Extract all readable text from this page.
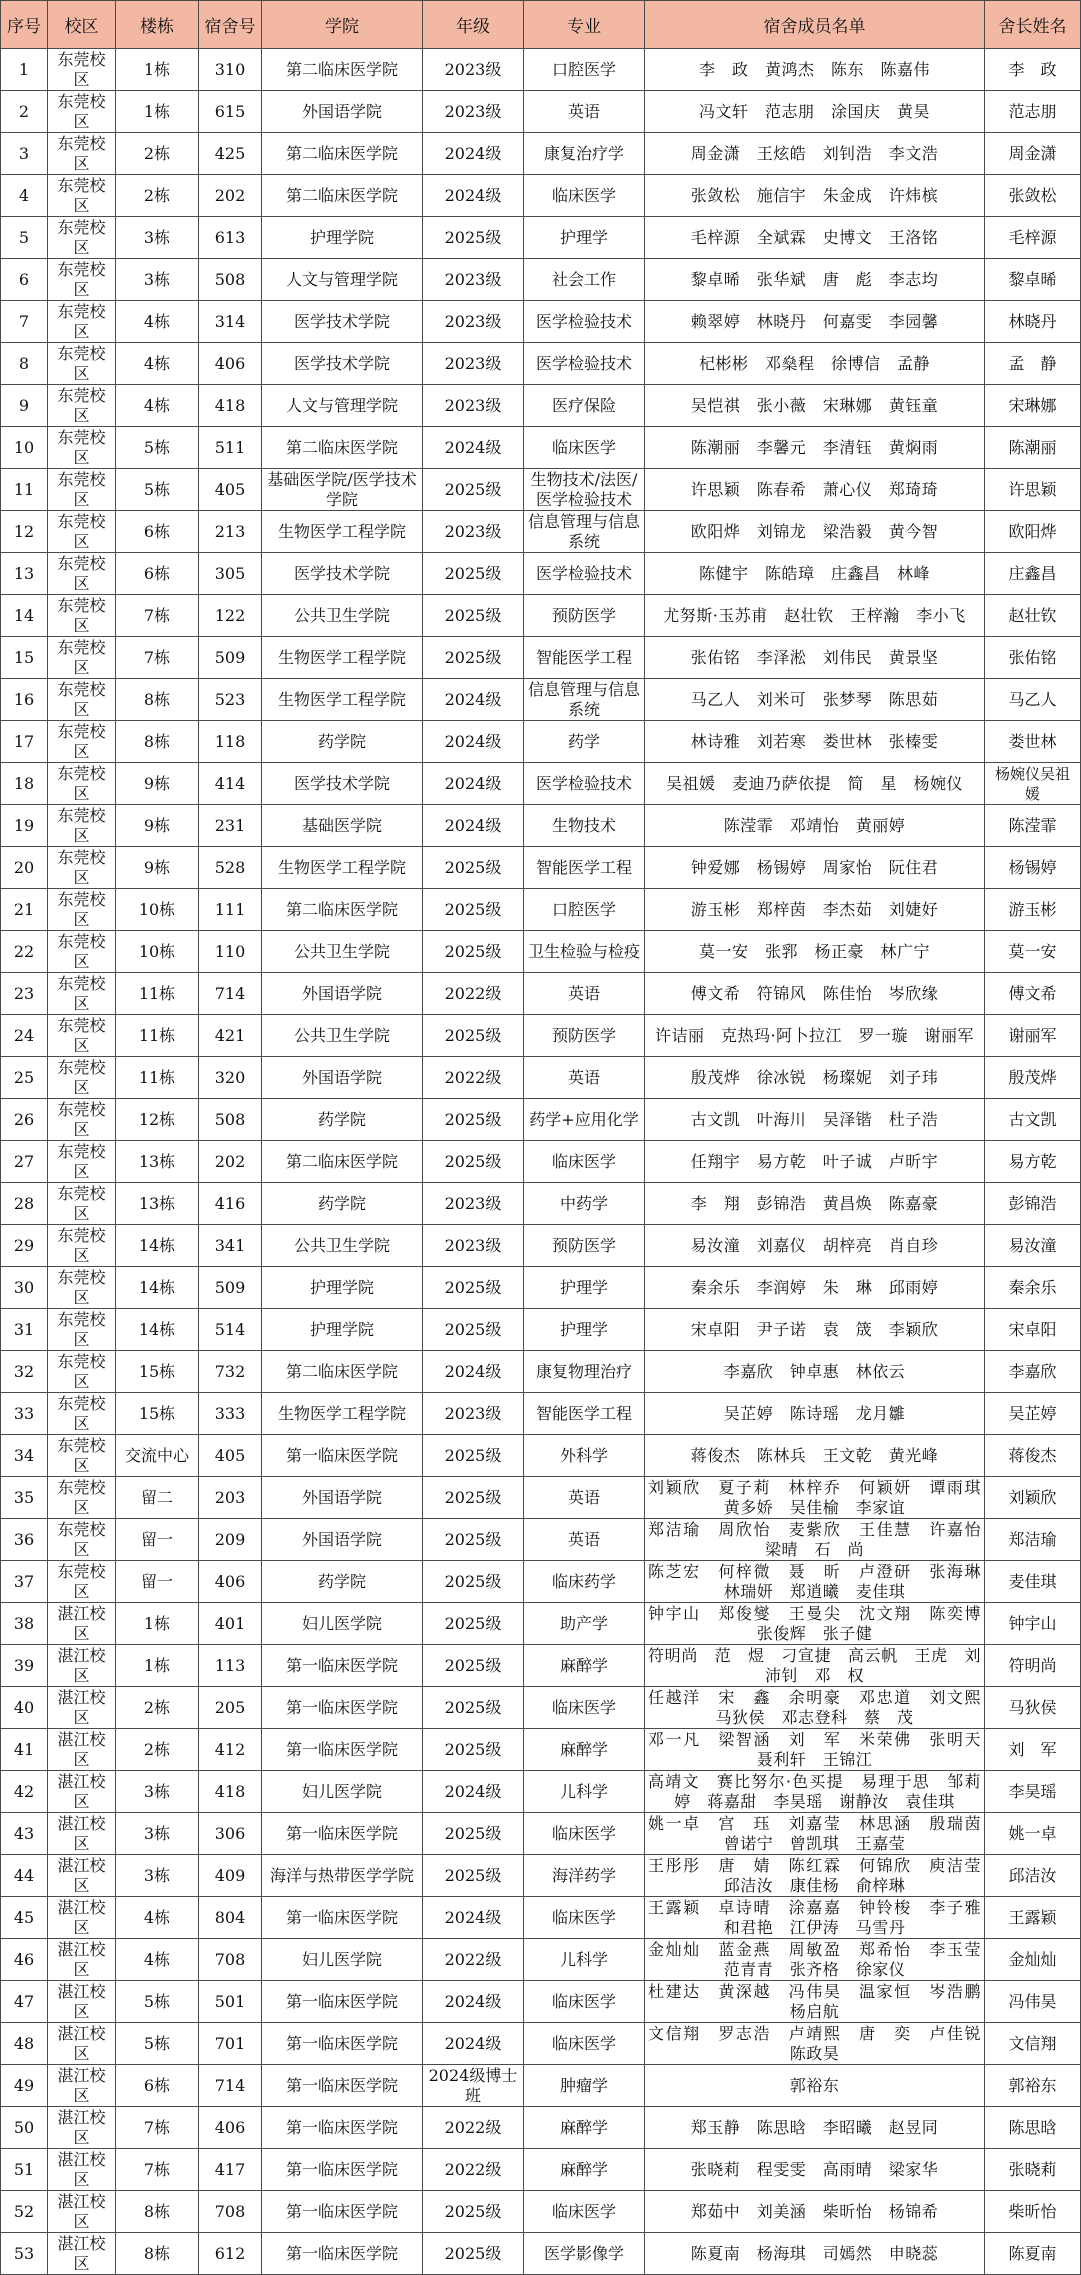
序号	校区	楼栋	宿舍号	学院	年级	专业	宿舍成员名单	舍长姓名
1	东莞校区	1栋	310	第二临床医学院	2023级	口腔医学	李　政　黄鸿杰　陈东　陈嘉伟	李　政
2	东莞校区	1栋	615	外国语学院	2023级	英语	冯文轩　范志朋　涂国庆　黄昊	范志朋
3	东莞校区	2栋	425	第二临床医学院	2024级	康复治疗学	周金潇　王炫皓　刘钊浩　李文浩	周金潇
4	东莞校区	2栋	202	第二临床医学院	2024级	临床医学	张敛松　施信宇　朱金成　许炜槟	张敛松
5	东莞校区	3栋	613	护理学院	2025级	护理学	毛梓源　全斌霖　史博文　王洛铭	毛梓源
6	东莞校区	3栋	508	人文与管理学院	2023级	社会工作	黎卓晞　张华斌　唐　彪　李志均	黎卓晞
7	东莞校区	4栋	314	医学技术学院	2023级	医学检验技术	赖翠婷　林晓丹　何嘉雯　李园馨	林晓丹
8	东莞校区	4栋	406	医学技术学院	2023级	医学检验技术	杞彬彬　邓燊程　徐博信　孟静	孟　静
9	东莞校区	4栋	418	人文与管理学院	2023级	医疗保险	吴恺祺　张小薇　宋琳娜　黄钰童	宋琳娜
10	东莞校区	5栋	511	第二临床医学院	2024级	临床医学	陈潮丽　李馨元　李清钰　黄焖雨	陈潮丽
11	东莞校区	5栋	405	基础医学院/医学技术学院	2025级	生物技术/法医/医学检验技术	许思颖　陈春希　萧心仪　郑琦琦	许思颖
12	东莞校区	6栋	213	生物医学工程学院	2023级	信息管理与信息系统	欧阳烨　刘锦龙　梁浩毅　黄今智	欧阳烨
13	东莞校区	6栋	305	医学技术学院	2025级	医学检验技术	陈健宇　陈皓璋　庄鑫昌　林峰	庄鑫昌
14	东莞校区	7栋	122	公共卫生学院	2025级	预防医学	尤努斯·玉苏甫　赵壮钦　王梓瀚　李小飞	赵壮钦
15	东莞校区	7栋	509	生物医学工程学院	2025级	智能医学工程	张佑铭　李泽淞　刘伟民　黄景坚	张佑铭
16	东莞校区	8栋	523	生物医学工程学院	2024级	信息管理与信息系统	马乙人　刘米可　张梦琴　陈思茹	马乙人
17	东莞校区	8栋	118	药学院	2024级	药学	林诗雅　刘若寒　娄世林　张榛雯	娄世林
18	东莞校区	9栋	414	医学技术学院	2024级	医学检验技术	吴祖媛　麦迪乃萨依提　简　星　杨婉仪	杨婉仪吴祖媛
19	东莞校区	9栋	231	基础医学院	2024级	生物技术	陈滢霏　邓靖怡　黄丽婷	陈滢霏
20	东莞校区	9栋	528	生物医学工程学院	2025级	智能医学工程	钟爱娜　杨锡婷　周家怡　阮住君	杨锡婷
21	东莞校区	10栋	111	第二临床医学院	2025级	口腔医学	游玉彬　郑梓茵　李杰茹　刘婕好	游玉彬
22	东莞校区	10栋	110	公共卫生学院	2025级	卫生检验与检疫	莫一安　张郛　杨正豪　林广宁	莫一安
23	东莞校区	11栋	714	外国语学院	2022级	英语	傅文希　符锦风　陈佳怡　岑欣缘	傅文希
24	东莞校区	11栋	421	公共卫生学院	2025级	预防医学	许诘丽　克热玛·阿卜拉江　罗一璇　谢丽军	谢丽军
25	东莞校区	11栋	320	外国语学院	2022级	英语	殷茂烨　徐冰锐　杨璨妮　刘子玮	殷茂烨
26	东莞校区	12栋	508	药学院	2025级	药学+应用化学	古文凯　叶海川　吴泽锴　杜子浩	古文凯
27	东莞校区	13栋	202	第二临床医学院	2025级	临床医学	任翔宇　易方乾　叶子诚　卢昕宇	易方乾
28	东莞校区	13栋	416	药学院	2023级	中药学	李　翔　彭锦浩　黄昌焕　陈嘉豪	彭锦浩
29	东莞校区	14栋	341	公共卫生学院	2023级	预防医学	易汝潼　刘嘉仪　胡梓亮　肖自珍	易汝潼
30	东莞校区	14栋	509	护理学院	2025级	护理学	秦余乐　李润婷　朱　琳　邱雨婷	秦余乐
31	东莞校区	14栋	514	护理学院	2025级	护理学	宋卓阳　尹子诺　袁　筬　李颖欣	宋卓阳
32	东莞校区	15栋	732	第二临床医学院	2024级	康复物理治疗	李嘉欣　钟卓惠　林依云	李嘉欣
33	东莞校区	15栋	333	生物医学工程学院	2023级	智能医学工程	吴芷婷　陈诗瑶　龙月雛	吴芷婷
34	东莞校区	交流中心	405	第一临床医学院	2025级	外科学	蒋俊杰　陈林兵　王文乾　黄光峰	蒋俊杰
35	东莞校区	留二	203	外国语学院	2025级	英语	刘颖欣　夏子莉　林梓乔　何颖妍　谭雨琪　黄多娇　吴佳榆　李家谊	刘颖欣
36	东莞校区	留一	209	外国语学院	2025级	英语	郑洁瑜　周欣怡　麦紫欣　王佳慧　许嘉怡　梁晴　石　尚	郑洁瑜
37	东莞校区	留一	406	药学院	2025级	临床药学	陈芝宏　何梓微　聂　昕　卢澄研　张海琳　林瑞妍　郑逍曦　麦佳琪	麦佳琪
38	湛江校区	1栋	401	妇儿医学院	2025级	助产学	钟宇山　郑俊燮　王曼尖　沈文翔　陈奕博　张俊辉　张子健	钟宇山
39	湛江校区	1栋	113	第一临床医学院	2025级	麻醉学	符明尚　范　煜　刁宣捷　高云帆　王虎　刘沛钊　邓　权	符明尚
40	湛江校区	2栋	205	第一临床医学院	2025级	临床医学	任越洋　宋　鑫　余明豪　邓忠道　刘文熙　马狄侯　邓志登科　蔡　茂	马狄侯
41	湛江校区	2栋	412	第一临床医学院	2025级	麻醉学	邓一凡　梁智涵　刘　军　米荣佛　张明天　聂利轩　王锦江	刘　军
42	湛江校区	3栋	418	妇儿医学院	2024级	儿科学	高靖文　赛比努尔·色买提　易理于思　邹莉婷　蒋嘉甜　李昊瑶　谢静汝　袁佳琪	李昊瑶
43	湛江校区	3栋	306	第一临床医学院	2025级	临床医学	姚一卓　宫　珏　刘嘉莹　林思涵　殷瑞茵　曾诺宁　曾凯琪　王嘉莹	姚一卓
44	湛江校区	3栋	409	海洋与热带医学学院	2025级	海洋药学	王彤彤　唐　婧　陈红霖　何锦欣　庾洁莹　邱洁汝　康佳杨　俞梓琳	邱洁汝
45	湛江校区	4栋	804	第一临床医学院	2024级	临床医学	王露颖　卓诗晴　涂嘉嘉　钟铃梭　李子雅　和君艳　江伊涛　马雪丹	王露颖
46	湛江校区	4栋	708	妇儿医学院	2022级	儿科学	金灿灿　蓝金燕　周敏盈　郑希怡　李玉莹　范青青　张齐格　徐家仪	金灿灿
47	湛江校区	5栋	501	第一临床医学院	2024级	临床医学	杜建达　黄深越　冯伟昊　温家恒　岑浩鹏　杨启航	冯伟昊
48	湛江校区	5栋	701	第一临床医学院	2024级	临床医学	文信翔　罗志浩　卢靖熙　唐　奕　卢佳锐　陈政昊	文信翔
49	湛江校区	6栋	714	第一临床医学院	2024级博士班	肿瘤学	郭裕东	郭裕东
50	湛江校区	7栋	406	第一临床医学院	2022级	麻醉学	郑玉静　陈思晗　李昭曦　赵昱同	陈思晗
51	湛江校区	7栋	417	第一临床医学院	2022级	麻醉学	张晓莉　程雯雯　高雨晴　梁家华	张晓莉
52	湛江校区	8栋	708	第一临床医学院	2025级	临床医学	郑茹中　刘美涵　柴昕怡　杨锦希	柴昕怡
53	湛江校区	8栋	612	第一临床医学院	2025级	医学影像学	陈夏南　杨海琪　司嫣然　申晓蕊	陈夏南
